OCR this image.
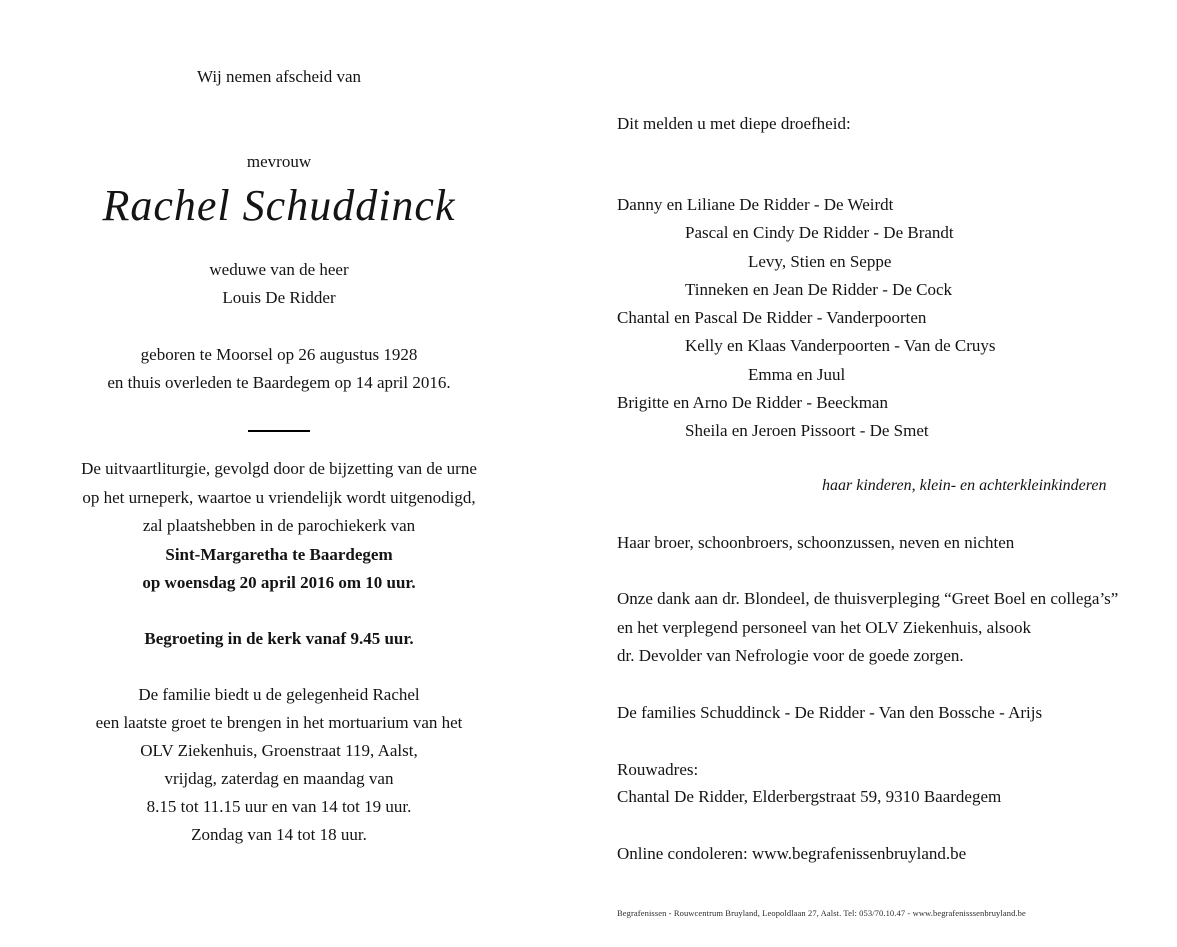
Wij nemen afscheid van
mevrouw
Rachel Schuddinck
weduwe van de heer
Louis De Ridder
geboren te Moorsel op 26 augustus 1928
en thuis overleden te Baardegem op 14 april 2016.
De uitvaartliturgie, gevolgd door de bijzetting van de urne
op het urneperk, waartoe u vriendelijk wordt uitgenodigd,
zal plaatshebben in de parochiekerk van
Sint-Margaretha te Baardegem
op woensdag 20 april 2016 om 10 uur.
Begroeting in de kerk vanaf 9.45 uur.
De familie biedt u de gelegenheid Rachel
een laatste groet te brengen in het mortuarium van het
OLV Ziekenhuis, Groenstraat 119, Aalst,
vrijdag, zaterdag en maandag van
8.15 tot 11.15 uur en van 14 tot 19 uur.
Zondag van 14 tot 18 uur.
Dit melden u met diepe droefheid:
Danny en Liliane De Ridder - De Weirdt
Pascal en Cindy De Ridder - De Brandt
Levy, Stien en Seppe
Tinneken en Jean De Ridder - De Cock
Chantal en Pascal De Ridder - Vanderpoorten
Kelly en Klaas Vanderpoorten - Van de Cruys
Emma en Juul
Brigitte en Arno De Ridder - Beeckman
Sheila en Jeroen Pissoort - De Smet
haar kinderen, klein- en achterkleinkinderen
Haar broer, schoonbroers, schoonzussen, neven en nichten
Onze dank aan dr. Blondeel, de thuisverpleging “Greet Boel en collega’s”
en het verplegend personeel van het OLV Ziekenhuis, alsook
dr. Devolder van Nefrologie voor de goede zorgen.
De families Schuddinck - De Ridder - Van den Bossche - Arijs
Rouwadres:
Chantal De Ridder, Elderbergstraat 59, 9310 Baardegem
Online condoleren: www.begrafenissenbruyland.be
Begrafenissen - Rouwcentrum Bruyland, Leopoldlaan 27, Aalst. Tel: 053/70.10.47 - www.begrafenisssenbruyland.be
